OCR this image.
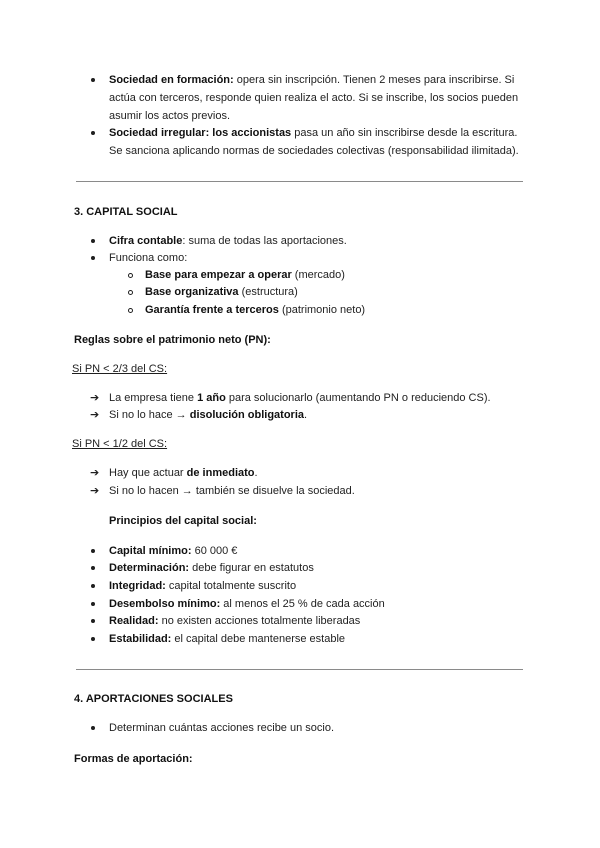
Sociedad en formación: opera sin inscripción. Tienen 2 meses para inscribirse. Si
actúa con terceros, responde quien realiza el acto. Si se inscribe, los socios pueden
asumir los actos previos.
Sociedad irregular: los accionistas pasa un año sin inscribirse desde la escritura.
Se sanciona aplicando normas de sociedades colectivas (responsabilidad ilimitada).
3. CAPITAL SOCIAL
Cifra contable: suma de todas las aportaciones.
Funciona como:
Base para empezar a operar (mercado)
Base organizativa (estructura)
Garantía frente a terceros (patrimonio neto)
Reglas sobre el patrimonio neto (PN):
Si PN < 2/3 del CS:
➔ La empresa tiene 1 año para solucionarlo (aumentando PN o reduciendo CS).
➔ Si no lo hace → disolución obligatoria.
Si PN < 1/2 del CS:
➔ Hay que actuar de inmediato.
➔ Si no lo hacen → también se disuelve la sociedad.
Principios del capital social:
Capital mínimo: 60 000 €
Determinación: debe figurar en estatutos
Integridad: capital totalmente suscrito
Desembolso mínimo: al menos el 25 % de cada acción
Realidad: no existen acciones totalmente liberadas
Estabilidad: el capital debe mantenerse estable
4. APORTACIONES SOCIALES
Determinan cuántas acciones recibe un socio.
Formas de aportación:
